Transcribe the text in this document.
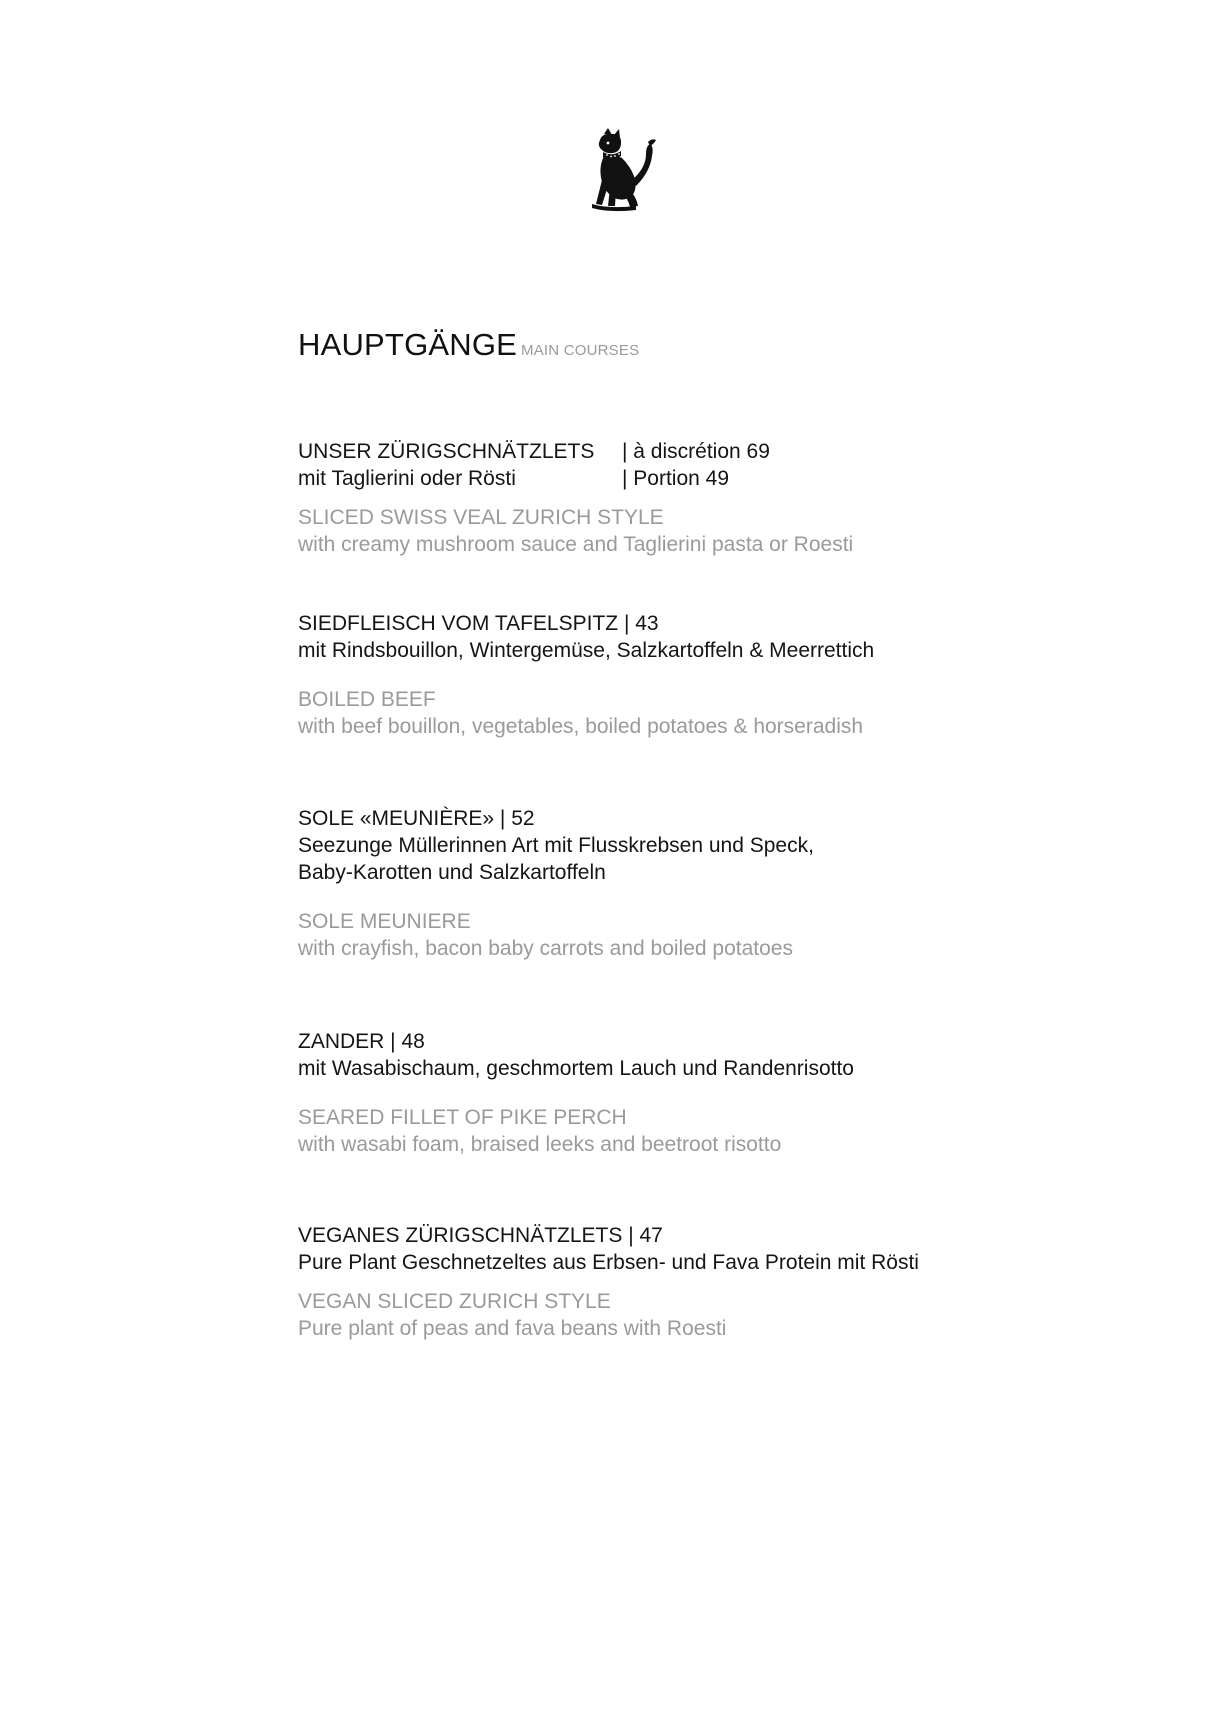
HAUPTGÄNGE MAIN COURSES
UNSER ZÜRIGSCHNÄTZLETS | à discrétion 69
mit Taglierini oder Rösti	| Portion 49
SLICED SWISS VEAL ZURICH STYLE
with creamy mushroom sauce and Taglierini pasta or Roesti
SIEDFLEISCH VOM TAFELSPITZ | 43
mit Rindsbouillon, Wintergemüse, Salzkartoffeln & Meerrettich
BOILED BEEF
with beef bouillon, vegetables, boiled potatoes & horseradish
SOLE «MEUNIÈRE» | 52
Seezunge Müllerinnen Art mit Flusskrebsen und Speck,
Baby-Karotten und Salzkartoffeln
SOLE MEUNIERE
with crayfish, bacon baby carrots and boiled potatoes
ZANDER | 48
mit Wasabischaum, geschmortem Lauch und Randenrisotto
SEARED FILLET OF PIKE PERCH
with wasabi foam, braised leeks and beetroot risotto
VEGANES ZÜRIGSCHNÄTZLETS | 47
Pure Plant Geschnetzeltes aus Erbsen- und Fava Protein mit Rösti
VEGAN SLICED ZURICH STYLE
Pure plant of peas and fava beans with Roesti
